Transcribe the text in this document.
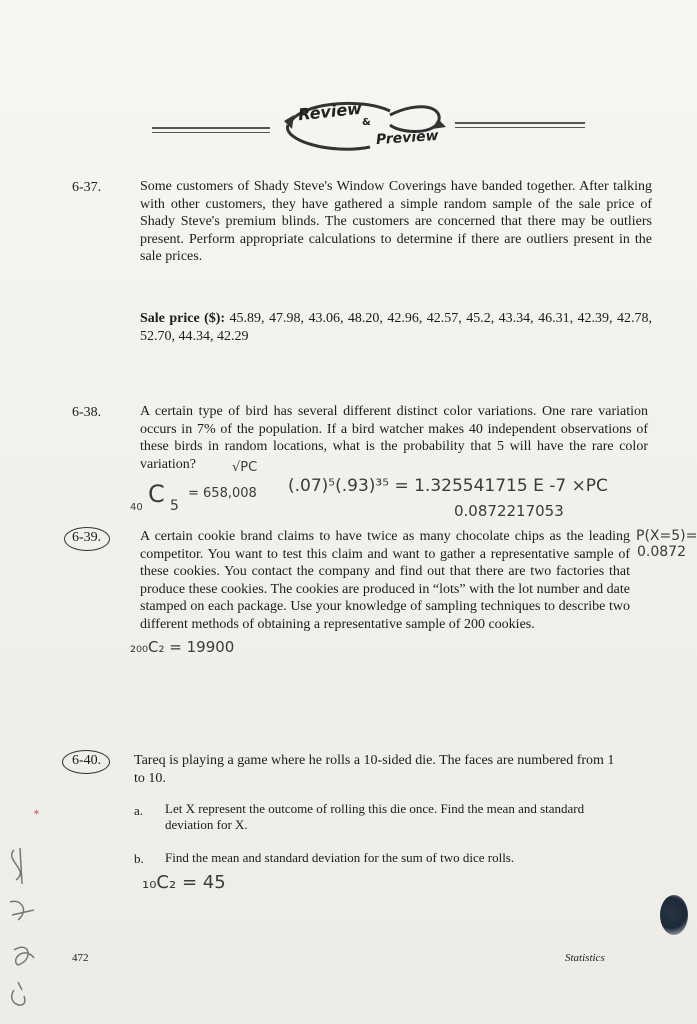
Review &
Preview
6-37.	Some customers of Shady Steve's Window Coverings have banded together. After talking with other customers, they have gathered a simple random sample of the sale price of Shady Steve's premium blinds. The customers are concerned that there may be outliers present. Perform appropriate calculations to determine if there are outliers present in the sale prices.
Sale price ($): 45.89, 47.98, 43.06, 48.20, 42.96, 42.57, 45.2, 43.34, 46.31, 42.39, 42.78, 52.70, 44.34, 42.29
6-38.	A certain type of bird has several different distinct color variations. One rare variation occurs in 7% of the population. If a bird watcher makes 40 independent observations of these birds in random locations, what is the probability that 5 will have the rare color variation?	√PC
C
40 5
= 658,008 (.07)⁵(.93)³⁵ = 1.325541715 E -7 ×PC
0.0872217053
P(X=5)=
0.0872
6-39.	A certain cookie brand claims to have twice as many chocolate chips as the leading competitor. You want to test this claim and want to gather a representative sample of these cookies. You contact the company and find out that there are two factories that produce these cookies. The cookies are produced in “lots” with the lot number and date stamped on each package. Use your knowledge of sampling techniques to describe two different methods of obtaining a representative sample of 200 cookies.
₂₀₀C₂ = 19900
6-40. Tareq is playing a game where he rolls a 10-sided die. The faces are numbered from 1 to 10.
a. Let X represent the outcome of rolling this die once. Find the mean and standard deviation for X.
b. Find the mean and standard deviation for the sum of two dice rolls.
₁₀C₂ = 45
⁎
472	Statistics
